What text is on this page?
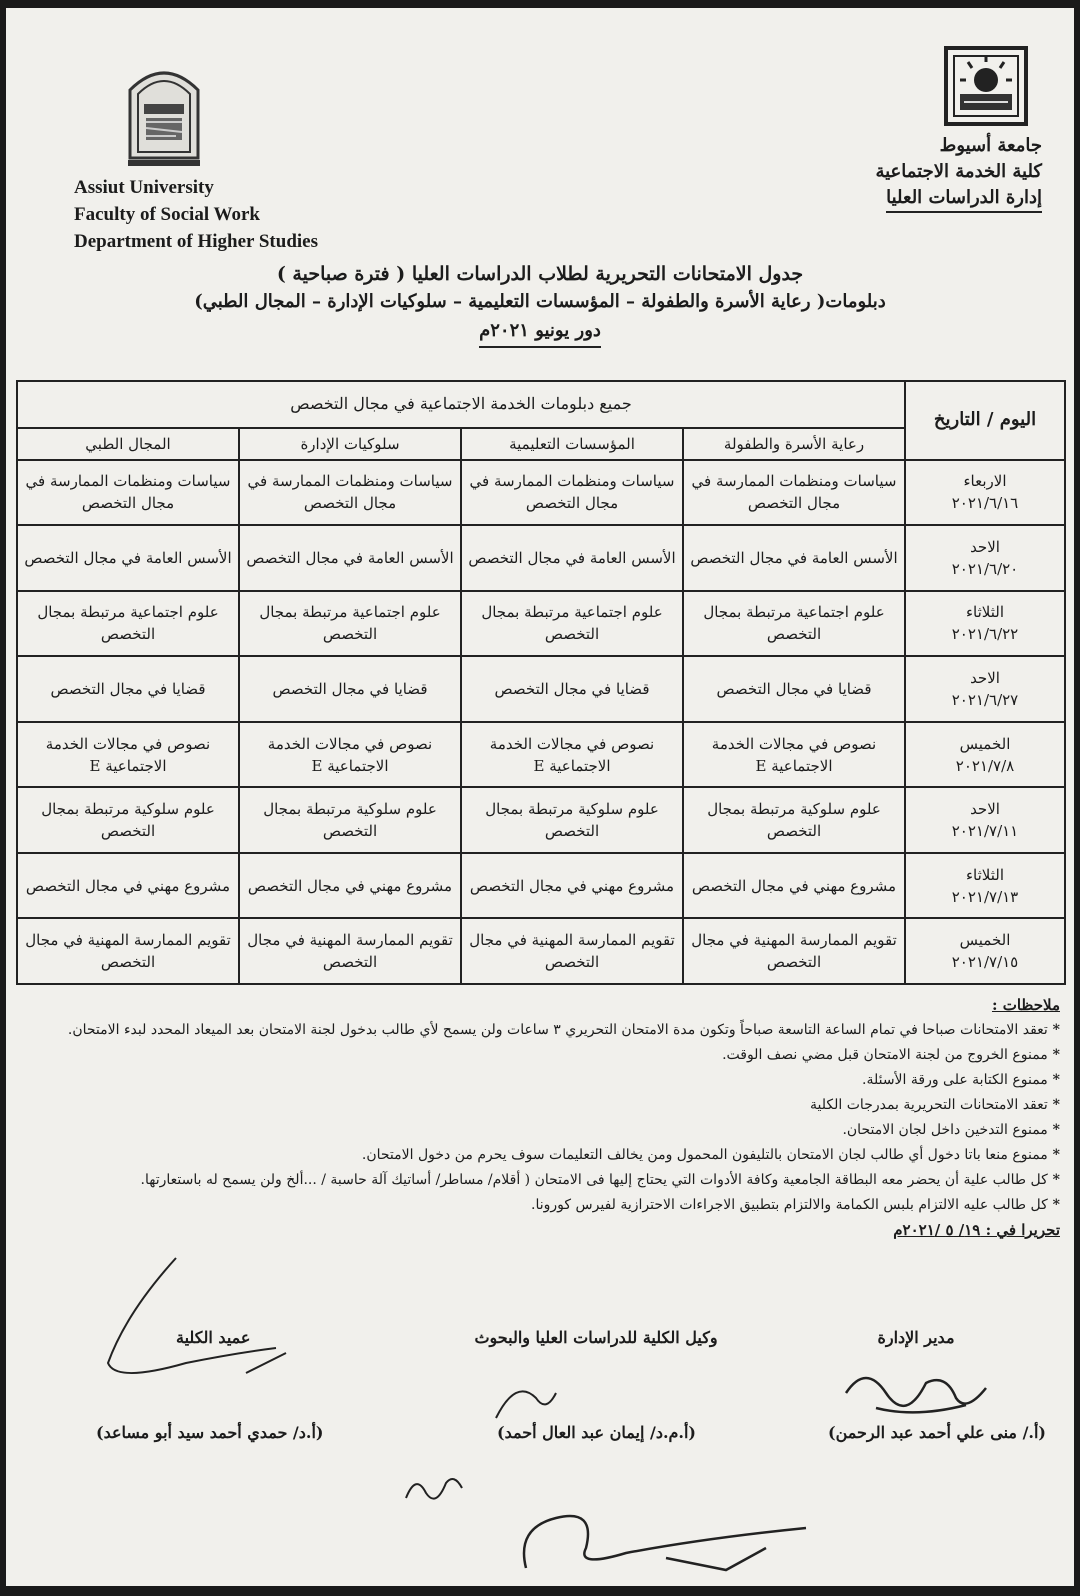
Assiut University
Faculty of Social Work
Department of Higher Studies
جامعة أسيوط
كلية الخدمة الاجتماعية
إدارة الدراسات العليا
جدول الامتحانات التحريرية لطلاب الدراسات العليا ( فترة صباحية )
دبلومات( رعاية الأسرة والطفولة – المؤسسات التعليمية – سلوكيات الإدارة – المجال الطبي)
دور يونيو ٢٠٢١م
اليوم / التاريخ	جميع دبلومات الخدمة الاجتماعية في مجال التخصص			
	رعاية الأسرة والطفولة	المؤسسات التعليمية	سلوكيات الإدارة	المجال الطبي

الاربعاء
٢٠٢١/٦/١٦	سياسات ومنظمات الممارسة في مجال التخصص	سياسات ومنظمات الممارسة في مجال التخصص	سياسات ومنظمات الممارسة في مجال التخصص	سياسات ومنظمات الممارسة في مجال التخصص

الاحد
٢٠٢١/٦/٢٠	الأسس العامة في مجال التخصص	الأسس العامة في مجال التخصص	الأسس العامة في مجال التخصص	الأسس العامة في مجال التخصص

الثلاثاء
٢٠٢١/٦/٢٢	علوم اجتماعية مرتبطة بمجال التخصص	علوم اجتماعية مرتبطة بمجال التخصص	علوم اجتماعية مرتبطة بمجال التخصص	علوم اجتماعية مرتبطة بمجال التخصص

الاحد
٢٠٢١/٦/٢٧	قضايا في مجال التخصص	قضايا في مجال التخصص	قضايا في مجال التخصص	قضايا في مجال التخصص

الخميس
٢٠٢١/٧/٨	نصوص في مجالات الخدمة الاجتماعية E	نصوص في مجالات الخدمة الاجتماعية E	نصوص في مجالات الخدمة الاجتماعية E	نصوص في مجالات الخدمة الاجتماعية E

الاحد
٢٠٢١/٧/١١	علوم سلوكية مرتبطة بمجال التخصص	علوم سلوكية مرتبطة بمجال التخصص	علوم سلوكية مرتبطة بمجال التخصص	علوم سلوكية مرتبطة بمجال التخصص

الثلاثاء
٢٠٢١/٧/١٣	مشروع مهني في مجال التخصص	مشروع مهني في مجال التخصص	مشروع مهني في مجال التخصص	مشروع مهني في مجال التخصص

الخميس
٢٠٢١/٧/١٥	تقويم الممارسة المهنية في مجال التخصص	تقويم الممارسة المهنية في مجال التخصص	تقويم الممارسة المهنية في مجال التخصص	تقويم الممارسة المهنية في مجال التخصص
ملاحظات :
* تعقد الامتحانات صباحا في تمام الساعة التاسعة صباحاً وتكون مدة الامتحان التحريري ٣ ساعات ولن يسمح لأي طالب بدخول لجنة الامتحان بعد الميعاد المحدد لبدء الامتحان.
* ممنوع الخروج من لجنة الامتحان قبل مضي نصف الوقت.
* ممنوع الكتابة على ورقة الأسئلة.
* تعقد الامتحانات التحريرية بمدرجات الكلية
* ممنوع التدخين داخل لجان الامتحان.
* ممنوع منعا باتا دخول أي طالب لجان الامتحان بالتليفون المحمول ومن يخالف التعليمات سوف يحرم من دخول الامتحان.
* كل طالب علية أن يحضر معه البطاقة الجامعية وكافة الأدوات التي يحتاج إليها فى الامتحان ( أقلام/ مساطر/ أساتيك آلة حاسبة / ...ألخ ولن يسمح له باستعارتها.
* كل طالب عليه الالتزام بلبس الكمامة والالتزام بتطبيق الاجراءات الاحترازية لفيرس كورونا.
تحريرا في : ١٩/ ٥ /٢٠٢١م
مدير الإدارة
(أ./ منى علي أحمد عبد الرحمن)
وكيل الكلية للدراسات العليا والبحوث
(أ.م.د/ إيمان عبد العال أحمد)
عميد الكلية
(أ.د/ حمدي أحمد سيد أبو مساعد)
